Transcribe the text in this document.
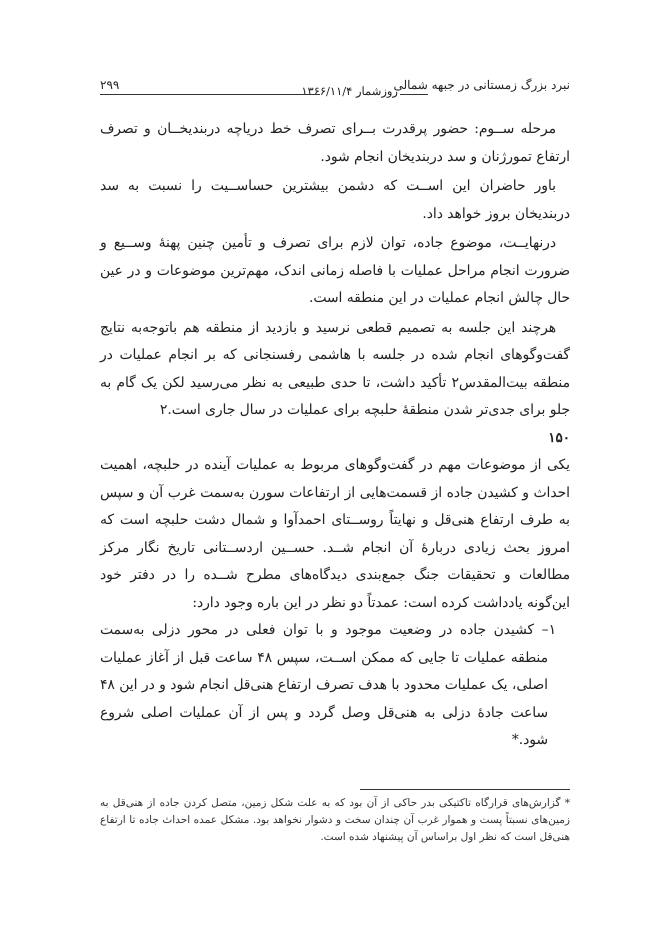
نبرد بزرگ زمستانی در جبهه شمالی
روزشمار ۱۳۶۶/۱۱/۴
۲۹۹

مرحله ســوم: حضور پرقدرت بــرای تصرف خط درياچه دربنديخــان و تصرف ارتفاع تمورژنان و سد دربنديخان انجام شود.

باور حاضران اين اســت كه دشمن بيشترين حساســيت را نسبت به سد دربنديخان بروز خواهد داد.

درنهايــت، موضوع جاده، توان لازم برای تصرف و تأمين چنين پهنۀ وســيع و ضرورت انجام مراحل عمليات با فاصله زمانی اندک، مهم‌ترين موضوعات و در عين حال چالش انجام عمليات در اين منطقه است.

هرچند اين جلسه به تصميم قطعی نرسيد و بازديد از منطقه هم باتوجه‌به نتايج گفت‌وگوهای انجام شده در جلسه با هاشمی رفسنجانی كه بر انجام عمليات در منطقه بيت‌المقدس۲ تأكيد داشت، تا حدی طبيعی به نظر می‌رسيد لكن يک گام به جلو برای جدی‌تر شدن منطقۀ حلبچه برای عمليات در سال جاری است.۲

۱۵۰

يكی از موضوعات مهم در گفت‌وگوهای مربوط به عمليات آينده در حلبچه، اهميت احداث و كشيدن جاده از قسمت‌هايی از ارتفاعات سورن به‌سمت غرب آن و سپس به طرف ارتفاع هنی‌قل و نهايتاً روســتای احمدآوا و شمال دشت حلبچه است كه امروز بحث زيادی دربارۀ آن انجام شــد. حســين اردســتانی تاريخ نگار مركز مطالعات و تحقيقات جنگ جمع‌بندی ديدگاه‌های مطرح شــده را در دفتر خود اين‌گونه يادداشت كرده است: عمدتاً دو نظر در اين باره وجود دارد:

۱–
كشيدن جاده در وضعيت موجود و با توان فعلی در محور دزلی به‌سمت منطقه عمليات تا جايی كه ممكن اســت، سپس ۴۸ ساعت قبل از آغاز عمليات اصلی، يک عمليات محدود با هدف تصرف ارتفاع هنی‌قل انجام شود و در اين ۴۸ ساعت جادۀ دزلی به هنی‌قل وصل گردد و پس از آن عمليات اصلی شروع شود.*

* گزارش‌های قرارگاه تاكتيكی بدر حاكی از آن بود كه به علت شكل زمين، متصل كردن جاده از هنی‌قل به زمين‌های نسبتاً پست و هموار غرب آن چندان سخت و دشوار نخواهد بود. مشكل عمده احداث جاده تا ارتفاع هنی‌قل است كه نظر اول براساس آن پيشنهاد شده است.
